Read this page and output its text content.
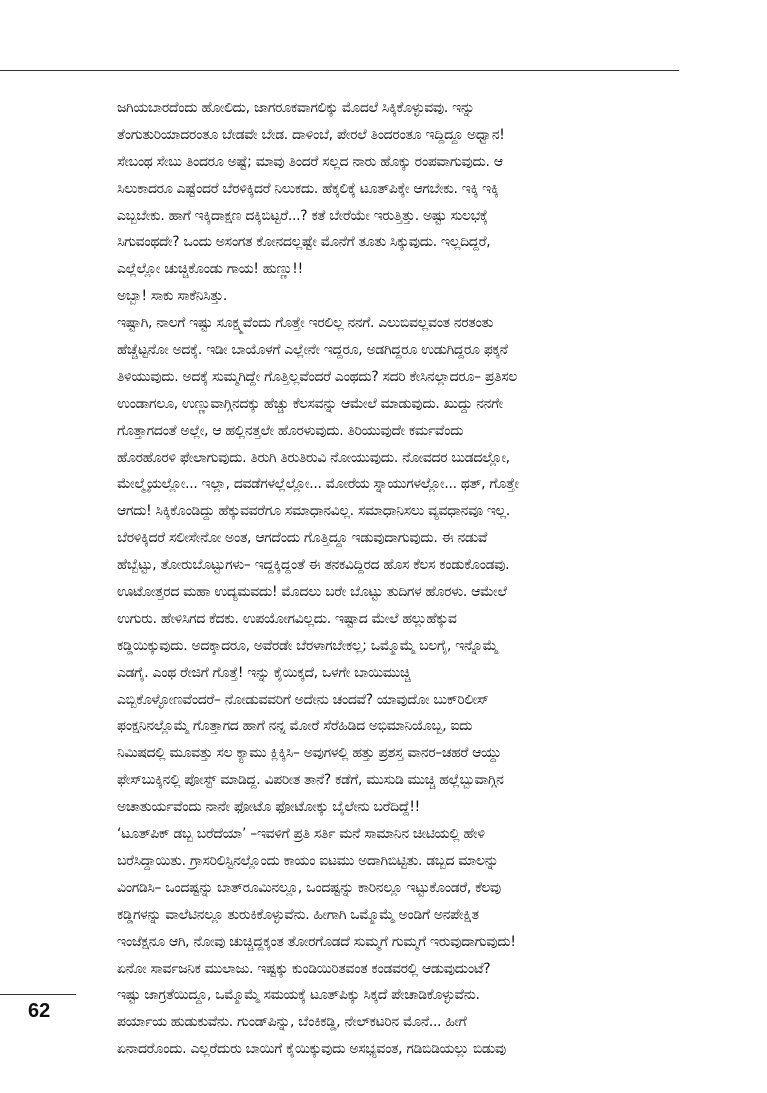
ಜಗಿಯಬಾರದೆಂದು ಹೋಲಿದು, ಜಾಗರೂಕವಾಗಲಿಕ್ಕು ಮೊದಲೆ ಸಿಕ್ಕಿಕೊಳ್ಳುವವು. ಇನ್ನು
ತೆಂಗುತುರಿಯಾದರಂತೂ ಬೇಡವೇ ಬೇಡ. ದಾಳಿಂಬೆ, ಪೇರಲೆ ತಿಂದರಂತೂ ಇದ್ದಿದ್ದೂ ಅಧ್ವಾನ!
ಸೇಬಂಥ ಸೇಬು ತಿಂದರೂ ಅಷ್ಟೆ; ಮಾವು ತಿಂದರೆ ಸಲ್ಲದ ನಾರು ಹೊಕ್ಕು ರಂಪವಾಗುವುದು. ಆ
ಸಿಲುಕಾದರೂ ಎಷ್ಟೆಂದರೆ ಬೆರಳಿಕ್ಕಿದರೆ ನಿಲುಕದು. ಹೆಕ್ಕಲಿಕ್ಕೆ ಟೂತ್‌ಪಿಕ್ಕೇ ಆಗಬೇಕು. ಇಕ್ಕಿ ಇಕ್ಕಿ
ಎಬ್ಬಬೇಕು. ಹಾಗೆ ಇಕ್ಕಿದಾಕ್ಷಣ ದಕ್ಕಿಬಿಟ್ಟರೆ...? ಕತೆ ಬೇರೆಯೇ ಇರುತ್ತಿತ್ತು. ಅಷ್ಟು ಸುಲಭಕ್ಕೆ
ಸಿಗುವಂಥದೇ? ಒಂದು ಅಸಂಗತ ಕೋನದಲ್ಲಷ್ಟೇ ಮೊನೆಗೆ ತೂತು ಸಿಕ್ಕುವುದು. ಇಲ್ಲದಿದ್ದರೆ,
ಎಲ್ಲೆಲ್ಲೋ ಚುಚ್ಚಿಕೊಂಡು ಗಾಯ! ಹುಣ್ಣು!!
ಅಬ್ಬಾ! ಸಾಕು ಸಾಕೆನಿಸಿತ್ತು.
ಇಷ್ಟಾಗಿ, ನಾಲಗೆ ಇಷ್ಟು ಸೂಕ್ಷ್ಮವೆಂದು ಗೊತ್ತೇ ಇರಲಿಲ್ಲ ನನಗೆ. ಎಲುಬಿವಲ್ಲವಂತ ನರತಂತು
ಹೆಚ್ಚೆಟ್ಟನೋ ಅದಕ್ಕೆ. ಇಡೀ ಬಾಯೊಳಗೆ ಎಲ್ಲೇನೇ ಇದ್ದರೂ, ಅಡಗಿದ್ದರೂ ಉಡುಗಿದ್ದರೂ ಫಕ್ಕನೆ
ತಿಳಿಯುವುದು. ಅದಕ್ಕೆ ಸುಮ್ಮಗಿದ್ದೇ ಗೊತ್ತಿಲ್ಲವೆಂದರೆ ಎಂಥದು? ಸದರಿ ಕೇಸಿನಲ್ಲಾದರೂ– ಪ್ರತಿಸಲ
ಉಂಡಾಗಲೂ, ಉಣ್ಣುವಾಗ್ಗಿನದಕ್ಕು ಹೆಚ್ಚು ಕೆಲಸವನ್ನು ಆಮೇಲೆ ಮಾಡುವುದು. ಖುದ್ದು ನನಗೇ
ಗೊತ್ತಾಗದಂತೆ ಅಲ್ಲೇ, ಆ ಹಲ್ಲಿನತ್ತಲೇ ಹೊರಳುವುದು. ತಿರಿಯುವುದೇ ಕರ್ಮವೆಂದು
ಹೊರಹೊರಳಿ ಫೇಲಾಗುವುದು. ತಿರುಗಿ ತಿರುತಿರುವಿ ನೋಯುವುದು. ನೋವದರ ಬುಡದಲ್ಲೋ,
ಮೇಲ್ಮೈಯಲ್ಲೋ... ಇಲ್ಲಾ, ದವಡೆಗಳಲ್ಲೆಲ್ಲೋ... ಮೋರೆಯ ಸ್ನಾಯುಗಳಲ್ಲೋ... ಥತ್, ಗೊತ್ತೇ
ಆಗದು! ಸಿಕ್ಕಿಕೊಂಡಿದ್ದು ಹೆಕ್ಕುವವರೆಗೂ ಸಮಾಧಾನವಿಲ್ಲ. ಸಮಾಧಾನಿಸಲು ವ್ಯವಧಾನವೂ ಇಲ್ಲ.
ಬೆರಳಿಕ್ಕಿದರೆ ಸಲೀಸೇನೋ ಅಂತ, ಆಗದೆಂದು ಗೊತ್ತಿದ್ದೂ ಇಡುವುದಾಗುವುದು. ಈ ನಡುವೆ
ಹೆಬ್ಬೆಟ್ಟು, ತೋರುಬೊಟ್ಟುಗಳು– ಇದ್ದಕ್ಕಿದ್ದಂತೆ ಈ ತನಕವಿದ್ದಿರದ ಹೊಸ ಕೆಲಸ ಕಂಡುಕೊಂಡವು.
ಊಟೋತ್ತರದ ಮಹಾ ಉದ್ಯಮವದು! ಮೊದಲು ಬರೇ ಬೊಟ್ಟು ತುದಿಗಳ ಹೊರಳು. ಆಮೇಲೆ
ಉಗುರು. ಹೇಳಿಸಿಗದ ಕೆದಕು. ಉಪಯೋಗವಿಲ್ಲದು. ಇಷ್ಟಾದ ಮೇಲೆ ಹಲ್ಲುಹೆಕ್ಕುವ
ಕಡ್ಡಿಯಿಕ್ಕುವುದು. ಅದಕ್ಕಾದರೂ, ಅವೆರಡೇ ಬೆರಳಾಗಬೇಕಲ್ಲ; ಒಮ್ಮೊಮ್ಮೆ ಬಲಗೈ, ಇನ್ನೊಮ್ಮೆ
ಎಡಗೈ. ಎಂಥ ರೇಜಿಗೆ ಗೊತ್ತೆ! ಇನ್ನು ಕೈಯಿಕ್ಕದೆ, ಒಳಗೇ ಬಾಯಿಮುಚ್ಚಿ
ಎಬ್ಬಿಕೊಳ್ಳೋಣವೆಂದರೆ– ನೋಡುವವರಿಗೆ ಅದೇನು ಚಂದವೆ? ಯಾವುದೋ ಬುಕ್‌ರಿಲೀಸ್
ಫಂಕ್ಷನಿನಲ್ಲೊಮ್ಮೆ ಗೊತ್ತಾಗದ ಹಾಗೆ ನನ್ನ ಮೋರೆ ಸೆರೆಹಿಡಿದ ಅಭಿಮಾನಿಯೊಬ್ಬ, ಐದು
ನಿಮಿಷದಲ್ಲಿ ಮೂವತ್ತು ಸಲ ಕ್ಯಾಮು ಕ್ಲಿಕ್ಕಿಸಿ– ಅವುಗಳಲ್ಲಿ ಹತ್ತು ಪ್ರಶಸ್ತ ವಾನರ–ಚಹರೆ ಆಯ್ದು
ಫೇಸ್‌ಬುಕ್ಕಿನಲ್ಲಿ ಪೋಸ್ಟ್ ಮಾಡಿದ್ದ. ವಿಪರೀತ ತಾನೆ? ಕಡೆಗೆ, ಮುಸುಡಿ ಮುಚ್ಚಿ ಹಲ್ಲೆಬ್ಬುವಾಗ್ಗಿನ
ಅಚಾತುರ್ಯವೆಂದು ನಾನೇ ಫೋಟೊ ಫೋಟೋಕ್ಕು ಬೈಲೇನು ಬರೆದಿದ್ದೆ!!
‘ಟೂತ್‌ಪಿಕ್ ಡಬ್ಬ ಬರೆದೆಯಾ’ –ಇವಳಿಗೆ ಪ್ರತಿ ಸರ್ತಿ ಮನೆ ಸಾಮಾನಿನ ಚೀಟಿಯಲ್ಲಿ ಹೇಳಿ
ಬರೆಸಿದ್ದಾಯಿತು. ಗ್ರಾಸರಿಲಿಸ್ಟಿನಲ್ಲೊಂದು ಕಾಯಂ ಐಟಮು ಅದಾಗಿಬಿಟ್ಟಿತು. ಡಬ್ಬದ ಮಾಲನ್ನು
ವಿಂಗಡಿಸಿ– ಒಂದಷ್ಟನ್ನು ಬಾತ್‌ರೂಮಿನಲ್ಲೂ, ಒಂದಷ್ಟನ್ನು ಕಾರಿನಲ್ಲೂ ಇಟ್ಟುಕೊಂಡರೆ, ಕೆಲವು
ಕಡ್ಡಿಗಳನ್ನು ವಾಲೆಟಿನಲ್ಲೂ ತುರುಕಿಕೊಳ್ಳುವೆನು. ಹೀಗಾಗಿ ಒಮ್ಮೊಮ್ಮೆ ಅಂಡಿಗೆ ಅನಪೇಕ್ಷಿತ
ಇಂಜೆಕ್ಷನೂ ಆಗಿ, ನೋವು ಚುಚ್ಚಿದ್ದಕ್ಕಂತ ತೋರಗೊಡದೆ ಸುಮ್ಮಗೆ ಗುಮ್ಮಗೆ ಇರುವುದಾಗುವುದು!
ಏನೋ ಸಾರ್ವಜನಿಕ ಮುಲಾಜು. ಇಷ್ಟಕ್ಕು ಕುಂಡಿಯಿರಿತವಂತ ಕಂಡವರಲ್ಲಿ ಆಡುವುದುಂಟೆ?
ಇಷ್ಟು ಜಾಗ್ರತೆಯಿದ್ದೂ, ಒಮ್ಮೊಮ್ಮೆ ಸಮಯಕ್ಕೆ ಟೂತ್‌ಪಿಕ್ಕು ಸಿಕ್ಕದೆ ಪೇಚಾಡಿಕೊಳ್ಳುವೆನು.
ಪರ್ಯಾಯ ಹುಡುಕುವೆನು. ಗುಂಡ್‌ಪಿನ್ನು, ಬೆಂಕಿಕಡ್ಡಿ, ನೇಲ್‌ಕಟರಿನ ಮೊನೆ... ಹೀಗೆ
ಏನಾದರೊಂದು. ಎಲ್ಲರೆದುರು ಬಾಯಿಗೆ ಕೈಯಿಕ್ಕುವುದು ಅಸಭ್ಯವಂತ, ಗಡಿಬಿಡಿಯಲ್ಲು ಬಿಡುವು
62
